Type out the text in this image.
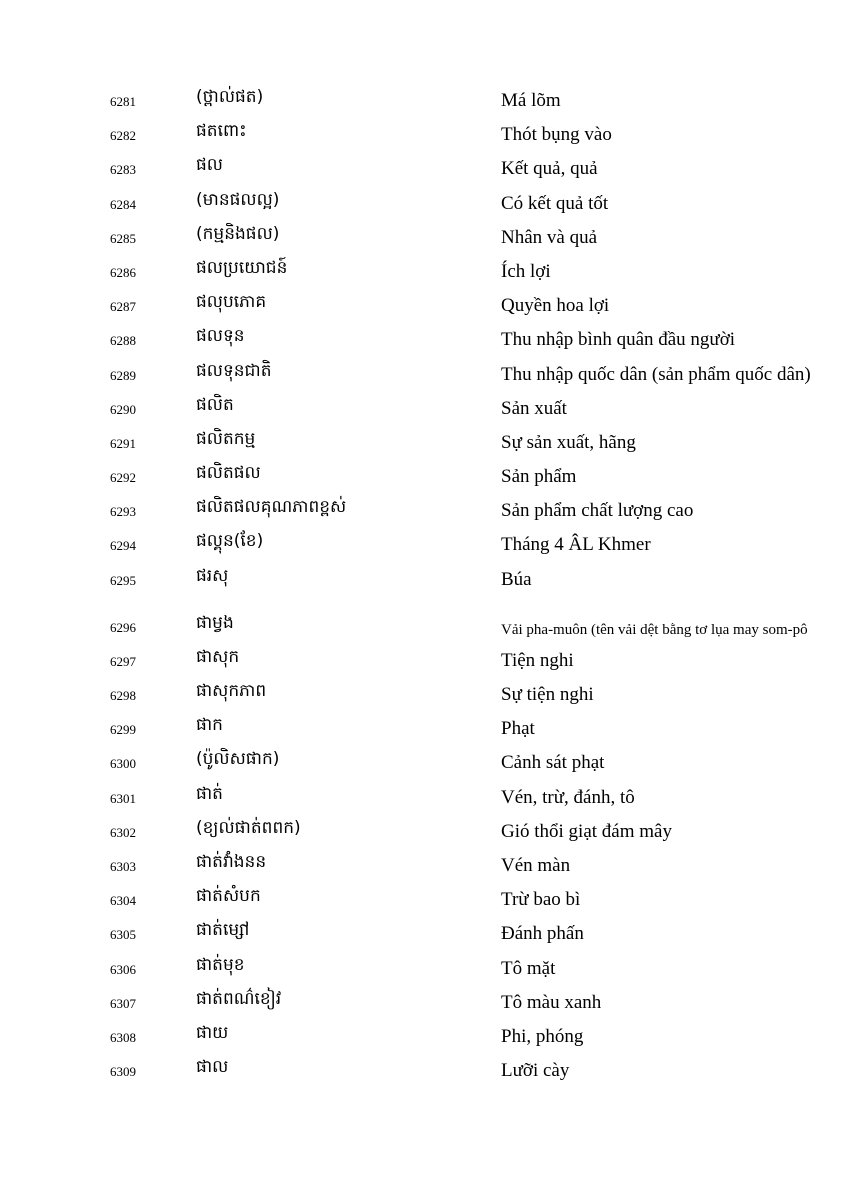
6281	(ថ្ពាល់ផត)	Má lõm
6282	ផតពោះ	Thót bụng vào
6283	ផល	Kết quả, quả
6284	(មានផលល្អ)	Có kết quả tốt
6285	(កម្មនិងផល)	Nhân và quả
6286	ផលប្រយោជន៍	Ích lợi
6287	ផលុបភោគ	Quyền hoa lợi
6288	ផលទុន	Thu nhập bình quân đầu người
6289	ផលទុនជាតិ	Thu nhập quốc dân (sản phẩm quốc dân)
6290	ផលិត	Sản xuất
6291	ផលិតកម្ម	Sự sản xuất, hãng
6292	ផលិតផល	Sản phẩm
6293	ផលិតផលគុណភាពខ្ពស់	Sản phẩm chất lượng cao
6294	ផល្គុន(ខែ)	Tháng 4 ÂL Khmer
6295	ផរសុ	Búa
6296	ផាម្វង	Vải pha-muôn (tên vải dệt bằng tơ lụa may som-pô
6297	ផាសុក	Tiện nghi
6298	ផាសុកភាព	Sự tiện nghi
6299	ផាក	Phạt
6300	(ប៉ូលិសផាក)	Cảnh sát phạt
6301	ផាត់	Vén, trừ, đánh, tô
6302	(ខ្យល់ផាត់ពពក)	Gió thổi giạt đám mây
6303	ផាត់វាំងនន	Vén màn
6304	ផាត់សំបក	Trừ bao bì
6305	ផាត់ម្សៅ	Đánh phấn
6306	ផាត់មុខ	Tô mặt
6307	ផាត់ពណ៌ខៀវ	Tô màu xanh
6308	ផាយ	Phi, phóng
6309	ផាល	Lưỡi cày
